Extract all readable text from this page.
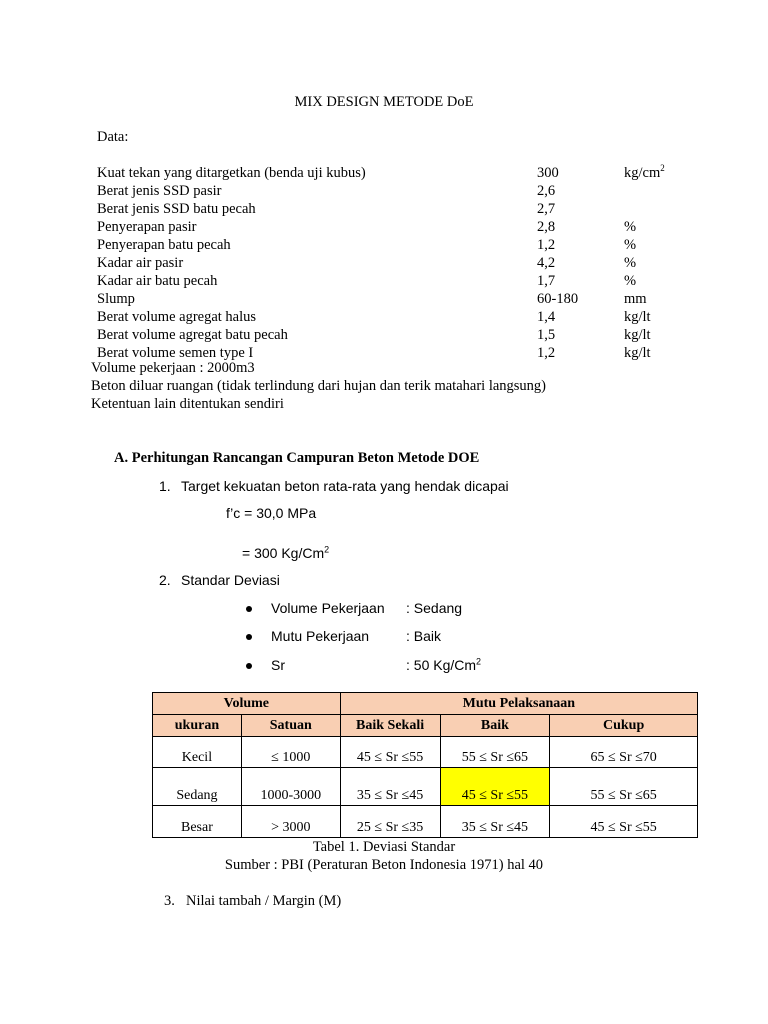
MIX DESIGN METODE DoE
Data:
Kuat tekan yang ditargetkan (benda uji kubus)	300	$kg/cm^2$
Berat jenis SSD pasir	2,6
Berat jenis SSD batu pecah	2,7
Penyerapan pasir	2,8	%
Penyerapan batu pecah	1,2	%
Kadar air pasir	4,2	%
Kadar air batu pecah	1,7	%
Slump	60-180	mm
Berat volume agregat halus	1,4	kg/lt
Berat volume agregat batu pecah	1,5	kg/lt
Berat volume semen type I	1,2	kg/lt
Volume pekerjaan : 2000m3
Beton diluar ruangan (tidak terlindung dari hujan dan terik matahari langsung)
Ketentuan lain ditentukan sendiri
A. Perhitungan Rancangan Campuran Beton Metode DOE
1. Target kekuatan beton rata-rata yang hendak dicapai
f’c = 30,0 MPa
= 300 Kg/Cm$^2$
2. Standar Deviasi
Volume Pekerjaan : Sedang
Mutu Pekerjaan	: Baik
Sr	: 50 Kg/Cm$^2$
Volume		Mutu Pelaksanaan		
ukuran	Satuan	Baik Sekali	Baik	Cukup
Kecil	≤ 1000	45 ≤ Sr ≤55	55 ≤ Sr ≤65	65 ≤ Sr ≤70
Sedang	1000-3000	35 ≤ Sr ≤45	45 ≤ Sr ≤55	55 ≤ Sr ≤65
Besar	> 3000	25 ≤ Sr ≤35	35 ≤ Sr ≤45	45 ≤ Sr ≤55
Tabel 1. Deviasi Standar
Sumber : PBI (Peraturan Beton Indonesia 1971) hal 40
3. Nilai tambah / Margin (M)
